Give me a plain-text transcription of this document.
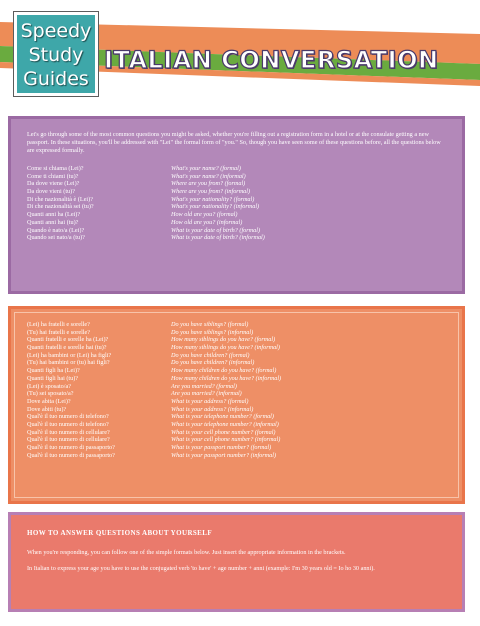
Speedy
Study
Guides
ITALIAN CONVERSATION
Let's go through some of the most common questions you might be asked, whether you're filling out a registration form in a hotel or at the consulate getting a new passport. In these situations, you'll be addressed with "Lei" the formal form of "you." So, though you have seen some of these questions before, all the questions below are expressed formally.
Come si chiama (Lei)?	What's your name? (formal)
Come ti chiami (tu)?	What's your name? (informal)
Da dove viene (Lei)?	Where are you from? (formal)
Da dove vieni (tu)?	Where are you from? (informal)
Di che nazionalità è (Lei)?	What's your nationality? (formal)
Di che nazionalità sei (tu)?	What's your nationality? (informal)
Quanti anni ha (Lei)?	How old are you? (formal)
Quanti anni hai (tu)?	How old are you? (informal)
Quando è nato/a (Lei)?	What is your date of birth? (formal)
Quando sei nato/a (tu)?	What is your date of birth? (informal)
(Lei) ha fratelli e sorelle?	Do you have siblings? (formal)
(Tu) hai fratelli e sorelle?	Do you have siblings? (informal)
Quanti fratelli e sorelle ha (Lei)?	How many siblings do you have? (formal)
Quanti fratelli e sorelle hai (tu)?	How many siblings do you have? (informal)
(Lei) ha bambini or (Lei) ha figli?	Do you have children? (formal)
(Tu) hai bambini or (tu) hai figli?	Do you have children? (informal)
Quanti figli ha (Lei)?	How many children do you have? (formal)
Quanti figli hai (tu)?	How many children do you have? (informal)
(Lei) è sposato/a?	Are you married? (formal)
(Tu) sei sposato/a?	Are you married? (informal)
Dove abita (Lei)?	What is your address? (formal)
Dove abiti (tu)?	What is your address? (informal)
Qual'è il tuo numero di telefono?	What is your telephone number? (formal)
Qual'è il tuo numero di telefono?	What is your telephone number? (informal)
Qual'è il tuo numero di cellulare?	What is your cell phone number? (formal)
Qual'è il tuo numero di cellulare?	What is your cell phone number? (informal)
Qual'è il tuo numero di passaporto?	What is your passport number? (formal)
Qual'è il tuo numero di passaporto?	What is your passport number? (informal)
HOW TO ANSWER QUESTIONS ABOUT YOURSELF
When you're responding, you can follow one of the simple formats below. Just insert the appropriate information in the brackets.
In Italian to express your age you have to use the conjugated verb 'to have' + age number + anni (example: I'm 30 years old = Io ho 30 anni).
